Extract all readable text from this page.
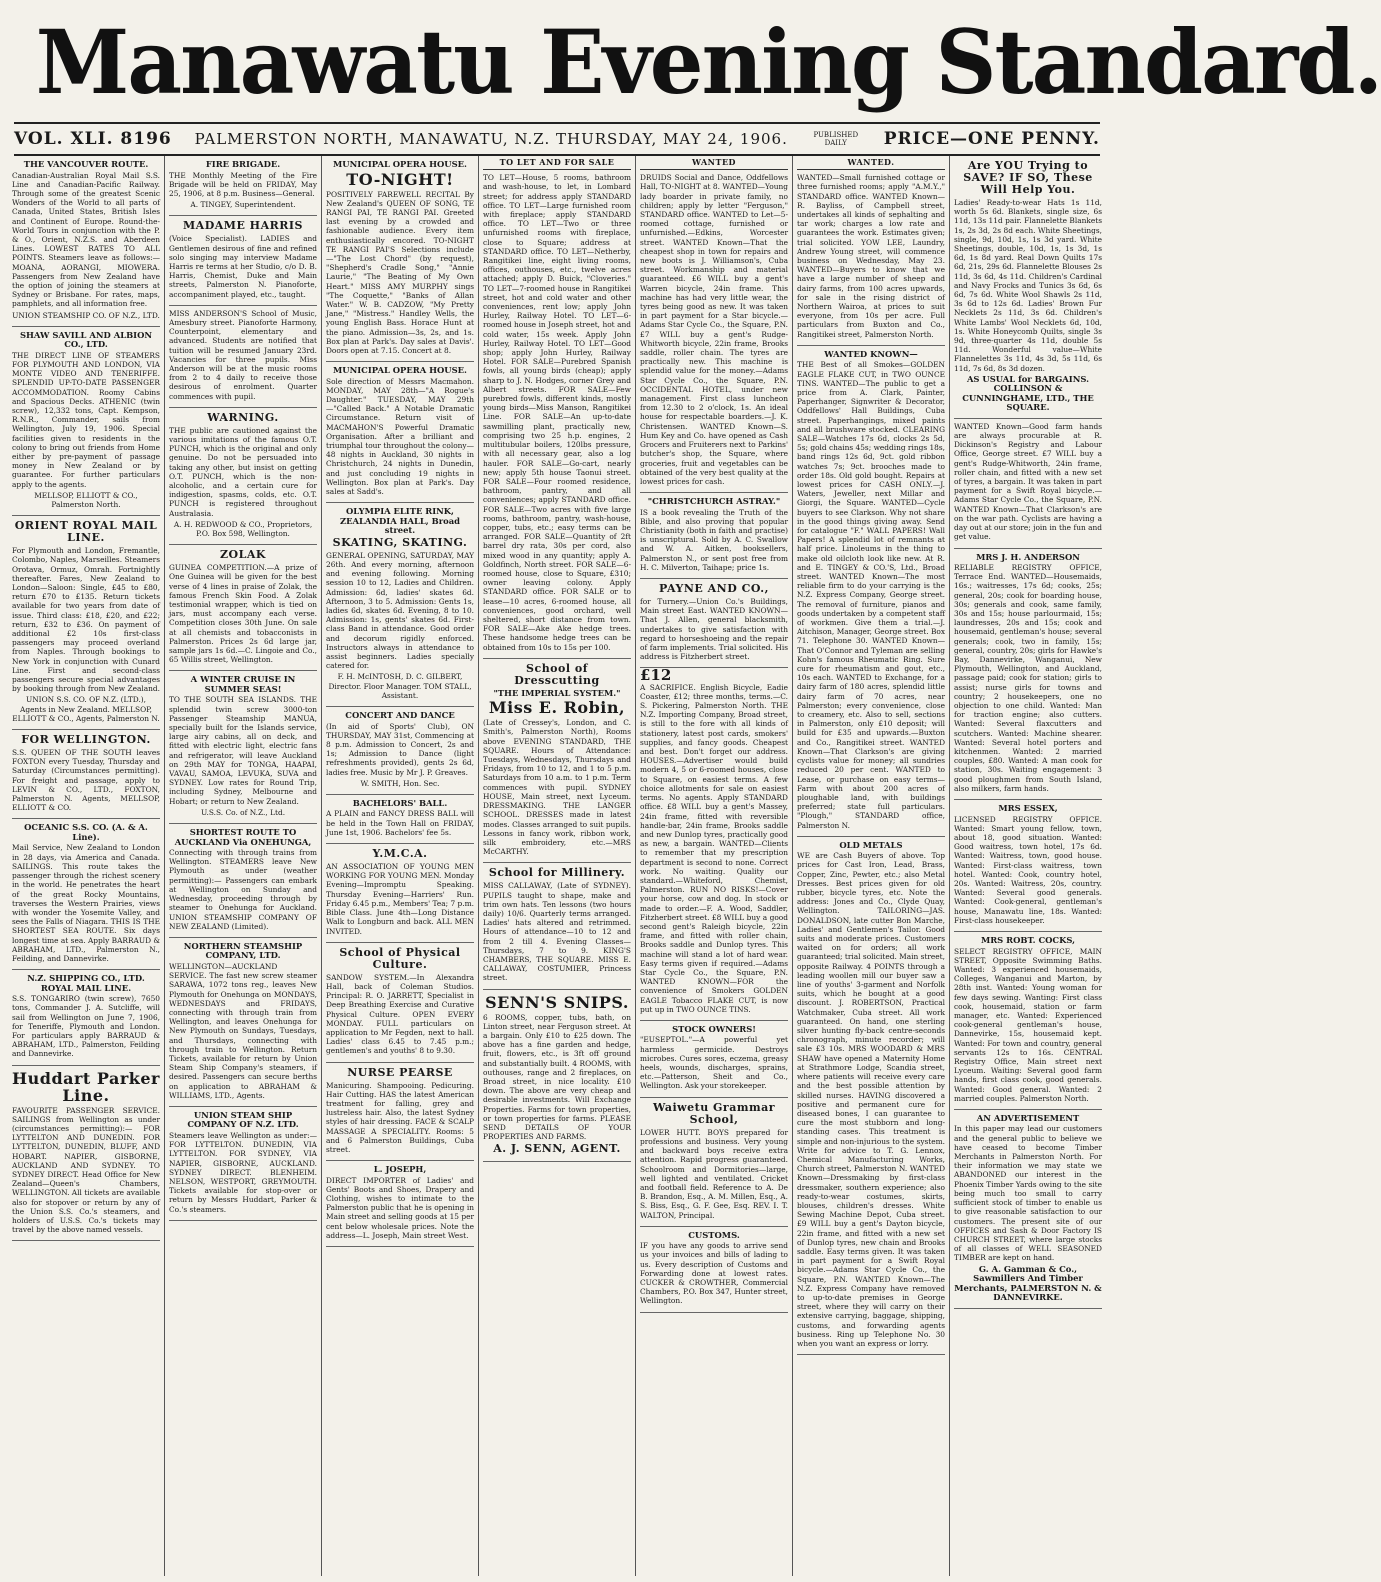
Manawatu Evening Standard.
VOL. XLI. 8196 PALMERSTON NORTH, MANAWATU, N.Z. THURSDAY, MAY 24, 1906.	PUBLISHED DAILY	PRICE—ONE PENNY.
THE VANCOUVER ROUTE.

Canadian-Australian Royal Mail S.S. Line and Canadian-Pacific Railway. Through some of the greatest Scenic Wonders of the World to all parts of Canada, United States, British Isles and Continent of Europe. Round-the-World Tours in conjunction with the P. & O., Orient, N.Z.S. and Aberdeen Lines. LOWEST RATES TO ALL POINTS. Steamers leave as follows:— MOANA, AORANGI, MIOWERA. Passengers from New Zealand have the option of joining the steamers at Sydney or Brisbane. For rates, maps, pamphlets, and all information free.

UNION STEAMSHIP CO. OF N.Z., LTD.

SHAW SAVILL AND ALBION CO., LTD.

THE DIRECT LINE OF STEAMERS FOR PLYMOUTH AND LONDON, VIA MONTE VIDEO AND TENERIFFE. SPLENDID UP-TO-DATE PASSENGER ACCOMMODATION. Roomy Cabins and Spacious Decks. ATHENIC (twin screw), 12,332 tons, Capt. Kempson, R.N.R., Commander, sails from Wellington, July 19, 1906. Special facilities given to residents in the colony to bring out friends from Home either by pre-payment of passage money in New Zealand or by guarantee. For further particulars apply to the agents.

MELLSOP, ELLIOTT & CO., Palmerston North.

ORIENT ROYAL MAIL LINE.

For Plymouth and London, Fremantle, Colombo, Naples, Marseilles. Steamers Orotava, Ormuz, Omrah. Fortnightly thereafter. Fares, New Zealand to London—Saloon: Single, £45 to £80, return £70 to £135. Return tickets available for two years from date of issue. Third class: £18, £20, and £22; return, £32 to £36. On payment of additional £2 10s first-class passengers may proceed overland from Naples. Through bookings to New York in conjunction with Cunard Line. First and second-class passengers secure special advantages by booking through from New Zealand.

UNION S.S. CO. OF N.Z. (LTD.), Agents in New Zealand. MELLSOP, ELLIOTT & CO., Agents, Palmerston N.

FOR WELLINGTON.

S.S. QUEEN OF THE SOUTH leaves FOXTON every Tuesday, Thursday and Saturday (Circumstances permitting). For freight and passage, apply to LEVIN & CO., LTD., FOXTON, Palmerston N. Agents, MELLSOP, ELLIOTT & CO.

OCEANIC S.S. CO. (A. & A. Line).

Mail Service, New Zealand to London in 28 days, via America and Canada. SAILINGS. This route takes the passenger through the richest scenery in the world. He penetrates the heart of the great Rocky Mountains, traverses the Western Prairies, views with wonder the Yosemite Valley, and sees the Falls of Niagara. THIS IS THE SHORTEST SEA ROUTE. Six days longest time at sea. Apply BARRAUD & ABRAHAM, LTD., Palmerston N., Feilding, and Dannevirke.

N.Z. SHIPPING CO., LTD. ROYAL MAIL LINE.

S.S. TONGARIRO (twin screw), 7650 tons, Commander J. A. Sutcliffe, will sail from Wellington on June 7, 1906, for Teneriffe, Plymouth and London. For particulars apply BARRAUD & ABRAHAM, LTD., Palmerston, Feilding and Dannevirke.

Huddart Parker Line.

FAVOURITE PASSENGER SERVICE. SAILINGS from Wellington as under (circumstances permitting):— FOR LYTTELTON AND DUNEDIN. FOR LYTTELTON, DUNEDIN, BLUFF, AND HOBART. NAPIER, GISBORNE, AUCKLAND AND SYDNEY. TO SYDNEY DIRECT. Head Office for New Zealand—Queen's Chambers, WELLINGTON. All tickets are available also for stopover or return by any of the Union S.S. Co.'s steamers, and holders of U.S.S. Co.'s tickets may travel by the above named vessels.

FIRE BRIGADE.

THE Monthly Meeting of the Fire Brigade will be held on FRIDAY, May 25, 1906, at 8 p.m. Business—General.

A. TINGEY, Superintendent.

MADAME HARRIS

(Voice Specialist). LADIES and Gentlemen desirous of fine and refined solo singing may interview Madame Harris re terms at her Studio, c/o D. B. Harris, Chemist, Duke and Main streets, Palmerston N. Pianoforte, accompaniment played, etc., taught.

MISS ANDERSON'S School of Music, Amesbury street. Pianoforte Harmony, Counterpoint, elementary and advanced. Students are notified that tuition will be resumed January 23rd. Vacancies for three pupils. Miss Anderson will be at the music rooms from 2 to 4 daily to receive those desirous of enrolment. Quarter commences with pupil.

WARNING.

THE public are cautioned against the various imitations of the famous O.T. PUNCH, which is the original and only genuine. Do not be persuaded into taking any other, but insist on getting O.T. PUNCH, which is the non-alcoholic, and a certain cure for indigestion, spasms, colds, etc. O.T. PUNCH is registered throughout Australasia.

A. H. REDWOOD & CO., Proprietors, P.O. Box 598, Wellington.

ZOLAK

GUINEA COMPETITION.—A prize of One Guinea will be given for the best verse of 4 lines in praise of Zolak, the famous French Skin Food. A Zolak testimonial wrapper, which is tied on jars, must accompany each verse. Competition closes 30th June. On sale at all chemists and tobacconists in Palmerston. Prices 2s 6d large jar, sample jars 1s 6d.—C. Lingoie and Co., 65 Willis street, Wellington.

A WINTER CRUISE IN SUMMER SEAS!

TO THE SOUTH SEA ISLANDS. THE splendid twin screw 3000-ton Passenger Steamship MANUA, specially built for the Islands service, large airy cabins, all on deck, and fitted with electric light, electric fans and refrigerator, will leave Auckland on 29th MAY for TONGA, HAAPAI, VAVAU, SAMOA, LEVUKA, SUVA and SYDNEY. Low rates for Round Trip, including Sydney, Melbourne and Hobart; or return to New Zealand.

U.S.S. Co. of N.Z., Ltd.

SHORTEST ROUTE TO AUCKLAND Via ONEHUNGA,

Connecting with through trains from Wellington. STEAMERS leave New Plymouth as under (weather permitting):— Passengers can embark at Wellington on Sunday and Wednesday, proceeding through by steamer to Onehunga for Auckland. UNION STEAMSHIP COMPANY OF NEW ZEALAND (Limited).

NORTHERN STEAMSHIP COMPANY, LTD.

WELLINGTON—AUCKLAND SERVICE. The fast new screw steamer SARAWA, 1072 tons reg., leaves New Plymouth for Onehunga on MONDAYS, WEDNESDAYS and FRIDAYS, connecting with through train from Wellington, and leaves Onehunga for New Plymouth on Sundays, Tuesdays, and Thursdays, connecting with through train to Wellington. Return Tickets, available for return by Union Steam Ship Company's steamers, if desired. Passengers can secure berths on application to ABRAHAM & WILLIAMS, LTD., Agents.

UNION STEAM SHIP COMPANY OF N.Z. LTD.

Steamers leave Wellington as under:— FOR LYTTELTON. DUNEDIN, VIA LYTTELTON. FOR SYDNEY, VIA NAPIER, GISBORNE, AUCKLAND. SYDNEY DIRECT. BLENHEIM. NELSON, WESTPORT, GREYMOUTH. Tickets available for stop-over or return by Messrs Huddart, Parker & Co.'s steamers.

MUNICIPAL OPERA HOUSE.
TO-NIGHT!

POSITIVELY FAREWELL RECITAL By New Zealand's QUEEN OF SONG, TE RANGI PAI, TE RANGI PAI. Greeted last evening by a crowded and fashionable audience. Every item enthusiastically encored. TO-NIGHT TE RANGI PAI'S Selections include—"The Lost Chord" (by request), "Shepherd's Cradle Song," "Annie Laurie," "The Beating of My Own Heart." MISS AMY MURPHY sings "The Coquette," "Banks of Allan Water." W. B. CADZOW, "My Pretty Jane," "Mistress." Handley Wells, the young English Bass. Horace Hunt at the piano. Admission—3s, 2s, and 1s. Box plan at Park's. Day sales at Davis'. Doors open at 7.15. Concert at 8.

MUNICIPAL OPERA HOUSE.

Sole direction of Messrs Macmahon. MONDAY, MAY 28th—"A Rogue's Daughter." TUESDAY, MAY 29th—"Called Back." A Notable Dramatic Circumstance. Return visit of MACMAHON'S Powerful Dramatic Organisation. After a brilliant and triumphal tour throughout the colony—48 nights in Auckland, 30 nights in Christchurch, 24 nights in Dunedin, and just concluding 19 nights in Wellington. Box plan at Park's. Day sales at Sadd's.

OLYMPIA ELITE RINK, ZEALANDIA HALL, Broad street.
SKATING, SKATING.

GENERAL OPENING, SATURDAY, MAY 26th. And every morning, afternoon and evening following. Morning session 10 to 12, Ladies and Children. Admission: 6d, ladies' skates 6d. Afternoon, 3 to 5. Admission: Gents 1s, ladies 6d, skates 6d. Evening, 8 to 10. Admission: 1s, gents' skates 6d. First-class Band in attendance. Good order and decorum rigidly enforced. Instructors always in attendance to assist beginners. Ladies specially catered for.

F. H. McINTOSH, D. C. GILBERT, Director. Floor Manager. TOM STALL, Assistant.

CONCERT AND DANCE

(In aid of Sports' Club), ON THURSDAY, MAY 31st, Commencing at 8 p.m. Admission to Concert, 2s and 1s; Admission to Dance (light refreshments provided), gents 2s 6d, ladies free. Music by Mr J. P. Greaves.

W. SMITH, Hon. Sec.

BACHELORS' BALL.

A PLAIN and FANCY DRESS BALL will be held in the Town Hall on FRIDAY, June 1st, 1906. Bachelors' fee 5s.

Y.M.C.A.

AN ASSOCIATION OF YOUNG MEN WORKING FOR YOUNG MEN. Monday Evening—Impromptu Speaking. Thursday Evening—Harriers' Run. Friday 6.45 p.m., Members' Tea; 7 p.m. Bible Class. June 4th—Long Distance Walk to Longburn and back. ALL MEN INVITED.

School of Physical Culture.

SANDOW SYSTEM.—In Alexandra Hall, back of Coleman Studios. Principal: R. O. JARRETT, Specialist in Deep Breathing Exercise and Curative Physical Culture. OPEN EVERY MONDAY. FULL particulars on application to Mr Fegden, next to hall. Ladies' class 6.45 to 7.45 p.m.; gentlemen's and youths' 8 to 9.30.

NURSE PEARSE

Manicuring. Shampooing. Pedicuring. Hair Cutting. HAS the latest American treatment for falling, grey and lustreless hair. Also, the latest Sydney styles of hair dressing. FACE & SCALP MASSAGE A SPECIALITY. Rooms: 5 and 6 Palmerston Buildings, Cuba street.

L. JOSEPH,

DIRECT IMPORTER of Ladies' and Gents' Boots and Shoes, Drapery and Clothing, wishes to intimate to the Palmerston public that he is opening in Main street and selling goods at 15 per cent below wholesale prices. Note the address—L. Joseph, Main street West.

TO LET AND FOR SALE

TO LET—House, 5 rooms, bathroom and wash-house, to let, in Lombard street; for address apply STANDARD office. TO LET—Large furnished room with fireplace; apply STANDARD office. TO LET—Two or three unfurnished rooms with fireplace, close to Square; address at STANDARD office. TO LET—Netherby, Rangitikei line, eight living rooms, offices, outhouses, etc., twelve acres attached; apply D. Buick, "Cloveries." TO LET—7-roomed house in Rangitikei street, hot and cold water and other conveniences, rent low; apply John Hurley, Railway Hotel. TO LET—6-roomed house in Joseph street, hot and cold water, 15s week. Apply John Hurley, Railway Hotel. TO LET—Good shop; apply John Hurley, Railway Hotel. FOR SALE—Purebred Spanish fowls, all young birds (cheap); apply sharp to J. N. Hodges, corner Grey and Albert streets. FOR SALE—Few purebred fowls, different kinds, mostly young birds—Miss Manson, Rangitikei Line. FOR SALE—An up-to-date sawmilling plant, practically new, comprising two 25 h.p. engines, 2 multitubular boilers, 120lbs pressure, with all necessary gear, also a log hauler. FOR SALE—Go-cart, nearly new; apply 5th house Taonui street. FOR SALE—Four roomed residence, bathroom, pantry, and all conveniences; apply STANDARD office. FOR SALE—Two acres with five large rooms, bathroom, pantry, wash-house, copper, tubs, etc.; easy terms can be arranged. FOR SALE—Quantity of 2ft barrel dry rata, 30s per cord, also mixed wood in any quantity; apply A. Goldfinch, North street. FOR SALE—6-roomed house, close to Square, £310; owner leaving colony. Apply STANDARD office. FOR SALE or to lease—10 acres, 6-roomed house, all conveniences, good orchard, well sheltered, short distance from town. FOR SALE—Ake Ake hedge trees. These handsome hedge trees can be obtained from 10s to 15s per 100.

School of Dresscutting
"THE IMPERIAL SYSTEM."
Miss E. Robin,

(Late of Cressey's, London, and C. Smith's, Palmerston North), Rooms above EVENING STANDARD, THE SQUARE. Hours of Attendance: Tuesdays, Wednesdays, Thursdays and Fridays, from 10 to 12, and 1 to 5 p.m. Saturdays from 10 a.m. to 1 p.m. Term commences with pupil. SYDNEY HOUSE, Main street, next Lyceum. DRESSMAKING. THE LANGER SCHOOL. DRESSES made in latest modes. Classes arranged to suit pupils. Lessons in fancy work, ribbon work, silk embroidery, etc.—MRS McCARTHY.

School for Millinery.

MISS CALLAWAY, (Late of SYDNEY). PUPILS taught to shape, make and trim own hats. Ten lessons (two hours daily) 10/6. Quarterly terms arranged. Ladies' hats altered and retrimmed. Hours of attendance—10 to 12 and from 2 till 4. Evening Classes—Thursdays, 7 to 9. KING'S CHAMBERS, THE SQUARE. MISS E. CALLAWAY, COSTUMIER, Princess street.

SENN'S SNIPS.

6 ROOMS, copper, tubs, bath, on Linton street, near Ferguson street. At a bargain. Only £10 to £25 down. The above has a fine garden and hedge, fruit, flowers, etc., is 3ft off ground and substantially built. 4 ROOMS, with outhouses, range and 2 fireplaces, on Broad street, in nice locality. £10 down. The above are very cheap and desirable investments. Will Exchange Properties. Farms for town properties, or town properties for farms. PLEASE SEND DETAILS OF YOUR PROPERTIES AND FARMS.

A. J. SENN, AGENT.
WANTED

DRUIDS Social and Dance, Oddfellows Hall, TO-NIGHT at 8. WANTED—Young lady boarder in private family, no children; apply by letter "Ferguson," STANDARD office. WANTED to Let—5-roomed cottage, furnished or unfurnished.—Edkins, Worcester street. WANTED Known—That the cheapest shop in town for repairs and new boots is J. Williamson's, Cuba street. Workmanship and material guaranteed. £6 WILL buy a gent's Warren bicycle, 24in frame. This machine has had very little wear, the tyres being good as new. It was taken in part payment for a Star bicycle.—Adams Star Cycle Co., the Square, P.N. £7 WILL buy a gent's Rudge-Whitworth bicycle, 22in frame, Brooks saddle, roller chain. The tyres are practically new. This machine is splendid value for the money.—Adams Star Cycle Co., the Square, P.N. OCCIDENTAL HOTEL, under new management. First class luncheon from 12.30 to 2 o'clock, 1s. An ideal house for respectable boarders.—J. K. Christensen. WANTED Known—S. Hum Key and Co. have opened as Cash Grocers and Fruiterers next to Parkins' butcher's shop, the Square, where groceries, fruit and vegetables can be obtained of the very best quality at the lowest prices for cash.

"CHRISTCHURCH ASTRAY."

IS a book revealing the Truth of the Bible, and also proving that popular Christianity (both in faith and practise) is unscriptural. Sold by A. C. Swallow and W. A. Aitken, booksellers, Palmerston N., or sent post free from H. C. Milverton, Taihape; price 1s.

PAYNE AND CO.,

for Turnery.—Union Co.'s Buildings, Main street East. WANTED KNOWN—That J. Allen, general blacksmith, undertakes to give satisfaction with regard to horseshoeing and the repair of farm implements. Trial solicited. His address is Fitzherbert street.

£12

A SACRIFICE. English Bicycle, Eadie Coaster, £12; three months, terms.—C. S. Pickering, Palmerston North. THE N.Z. Importing Company, Broad street, is still to the fore with all kinds of stationery, latest post cards, smokers' supplies, and fancy goods. Cheapest and best. Don't forget our address. HOUSES.—Advertiser would build modern 4, 5 or 6-roomed houses, close to Square, on easiest terms. A few choice allotments for sale on easiest terms. No agents. Apply STANDARD office. £8 WILL buy a gent's Massey, 24in frame, fitted with reversible handle-bar, 24in frame, Brooks saddle and new Dunlop tyres, practically good as new, a bargain. WANTED—Clients to remember that my prescription department is second to none. Correct work. No waiting. Quality our standard.—Whiteford, Chemist, Palmerston. RUN NO RISKS!—Cover your horse, cow and dog. In stock or made to order.—F. A. Wood, Saddler, Fitzherbert street. £8 WILL buy a good second gent's Raleigh bicycle, 22in frame, and fitted with roller chain, Brooks saddle and Dunlop tyres. This machine will stand a lot of hard wear. Easy terms given if required.—Adams Star Cycle Co., the Square, P.N. WANTED KNOWN—FOR the convenience of Smokers GOLDEN EAGLE Tobacco FLAKE CUT, is now put up in TWO OUNCE TINS.

STOCK OWNERS!

"EUSEPTOL."—A powerful yet harmless germicide. Destroys microbes. Cures sores, eczema, greasy heels, wounds, discharges, sprains, etc.—Patterson, Sheit and Co., Wellington. Ask your storekeeper.

Waiwetu Grammar School,

LOWER HUTT. BOYS prepared for professions and business. Very young and backward boys receive extra attention. Rapid progress guaranteed. Schoolroom and Dormitories—large, well lighted and ventilated. Cricket and football field. Reference to A. De B. Brandon, Esq., A. M. Millen, Esq., A. S. Biss, Esq., G. F. Gee, Esq. REV. I. T. WALTON, Principal.

CUSTOMS.

IF you have any goods to arrive send us your invoices and bills of lading to us. Every description of Customs and Forwarding done at lowest rates. CUCKER & CROWTHER, Commercial Chambers, P.O. Box 347, Hunter street, Wellington.

WANTED.

WANTED—Small furnished cottage or three furnished rooms; apply "A.M.Y.," STANDARD office. WANTED Known—R. Bayliss, of Campbell street, undertakes all kinds of sephalting and tar work; charges a low rate and guarantees the work. Estimates given; trial solicited. YOW LEE, Laundry, Andrew Young street, will commence business on Wednesday, May 23. WANTED—Buyers to know that we have a large number of sheep and dairy farms, from 100 acres upwards, for sale in the rising district of Northern Wairoa, at prices to suit everyone, from 10s per acre. Full particulars from Buxton and Co., Rangitikei street, Palmerston North.

WANTED KNOWN—

THE Best of all Smokes—GOLDEN EAGLE FLAKE CUT, in TWO OUNCE TINS. WANTED—The public to get a price from A. Clark, Painter, Paperhanger, Signwriter & Decorator, Oddfellows' Hall Buildings, Cuba street. Paperhangings, mixed paints and all brushware stocked. CLEARING SALE—Watches 17s 6d, clocks 2s 5d, 5s; gold chains 45s; wedding rings 18s, band rings 12s 6d, 9ct. gold ribbon watches 7s; 9ct. brooches made to order 18s. Old gold bought. Repairs at lowest prices for CASH ONLY.—J. Waters, Jeweller, next Millar and Giorgi, the Square. WANTED—Cycle buyers to see Clarkson. Why not share in the good things giving away. Send for catalogue "F." WALL PAPERS! Wall Papers! A splendid lot of remnants at half price. Linoleums in the thing to make old oilcloth look like new. At R. and E. TINGEY & CO.'S, Ltd., Broad street. WANTED Known—The most reliable firm to do your carrying is the N.Z. Express Company, George street. The removal of furniture, pianos and goods undertaken by a competent staff of workmen. Give them a trial.—J. Aitchison, Manager, George street. Box 71. Telephone 30. WANTED Known—That O'Connor and Tyleman are selling Kohn's famous Rheumatic Ring. Sure cure for rheumatism and gout, etc., 10s each. WANTED to Exchange, for a dairy farm of 180 acres, splendid little dairy farm of 70 acres, near Palmerston; every convenience, close to creamery, etc. Also to sell, sections in Palmerston, only £10 deposit; will build for £35 and upwards.—Buxton and Co., Rangitikei street. WANTED Known—That Clarkson's are giving cyclists value for money; all sundries reduced 20 per cent. WANTED to Lease, or purchase on easy terms—Farm with about 200 acres of ploughable land, with buildings preferred; state full particulars. "Plough," STANDARD office, Palmerston N.

OLD METALS

WE are Cash Buyers of above. Top prices for Cast Iron, Lead, Brass, Copper, Zinc, Pewter, etc.; also Metal Dresses. Best prices given for old rubber, bicycle tyres, etc. Note the address: Jones and Co., Clyde Quay, Wellington. TAILORING—JAS. DONALDSON, late cutter Bon Marche, Ladies' and Gentlemen's Tailor. Good suits and moderate prices. Customers waited on for orders; all work guaranteed; trial solicited. Main street, opposite Railway. 4 POINTS through a leading woollen mill our buyer saw a line of youths' 3-garment and Norfolk suits, which he bought at a good discount. J. ROBERTSON, Practical Watchmaker, Cuba street. All work guaranteed. On hand, one sterling silver hunting fly-back centre-seconds chronograph, minute recorder; will sale £3 10s. MRS WOODARD & MRS SHAW have opened a Maternity Home at Strathmore Lodge, Scandia street, where patients will receive every care and the best possible attention by skilled nurses. HAVING discovered a positive and permanent cure for diseased bones, I can guarantee to cure the most stubborn and long-standing cases. This treatment is simple and non-injurious to the system. Write for advice to T. G. Lennox, Chemical Manufacturing Works, Church street, Palmerston N. WANTED Known—Dressmaking by first-class dressmaker, southern experience; also ready-to-wear costumes, skirts, blouses, children's dresses. White Sewing Machine Depot, Cuba street. £9 WILL buy a gent's Dayton bicycle, 22in frame, and fitted with a new set of Dunlop tyres, new chain and Brooks saddle. Easy terms given. It was taken in part payment for a Swift Royal bicycle.—Adams Star Cycle Co., the Square, P.N. WANTED Known—The N.Z. Express Company have removed to up-to-date premises in George street, where they will carry on their extensive carrying, baggage, shipping, customs, and forwarding agents business. Ring up Telephone No. 30 when you want an express or lorry.

Are YOU Trying to SAVE? IF SO, These Will Help You.

Ladies' Ready-to-wear Hats 1s 11d, worth 5s 6d. Blankets, single size, 6s 11d, 13s 11d pair. Flannelette Blankets 1s, 2s 3d, 2s 8d each. White Sheetings, single, 9d, 10d, 1s, 1s 3d yard. White Sheetings, double, 10d, 1s, 1s 3d, 1s 6d, 1s 8d yard. Real Down Quilts 17s 6d, 21s, 29s 6d. Flannelette Blouses 2s 11d, 3s 6d, 4s 11d. Children's Cardinal and Navy Frocks and Tunics 3s 6d, 6s 6d, 7s 6d. White Wool Shawls 2s 11d, 3s 6d to 12s 6d. Ladies' Brown Fur Necklets 2s 11d, 3s 6d. Children's White Lambs' Wool Necklets 6d, 10d, 1s. White Honeycomb Quilts, single 3s 9d, three-quarter 4s 11d, double 5s 11d. Wonderful value—White Flannelettes 3s 11d, 4s 3d, 5s 11d, 6s 11d, 7s 6d, 8s 3d dozen.

AS USUAL for BARGAINS. COLLINSON & CUNNINGHAME, LTD., THE SQUARE.

WANTED Known—Good farm hands are always procurable at R. Dickinson's Registry and Labour Office, George street. £7 WILL buy a gent's Rudge-Whitworth, 24in frame, roller chain, and fitted with a new set of tyres, a bargain. It was taken in part payment for a Swift Royal bicycle.—Adams Star Cycle Co., the Square, P.N. WANTED Known—That Clarkson's are on the war path. Cyclists are having a day out at our store; join in the fun and get value.

MRS J. H. ANDERSON

RELIABLE REGISTRY OFFICE, Terrace End. WANTED—Housemaids, 16s.; waitresses, 17s 6d; cooks, 25s; general, 20s; cook for boarding house, 30s; generals and cook, same family, 30s and 15s; house parlourmaid, 15s; laundresses, 20s and 15s; cook and housemaid, gentleman's house; several generals; cook, two in family, 15s; general, country, 20s; girls for Hawke's Bay, Dannevirke, Wanganui, New Plymouth, Wellington, and Auckland, passage paid; cook for station; girls to assist; nurse girls for towns and country; 2 housekeepers, one no objection to one child. Wanted: Man for traction engine; also cutters. Wanted: Several flaxcutters and scutchers. Wanted: Machine shearer. Wanted: Several hotel porters and kitchenmen. Wanted: 2 married couples, £80. Wanted: A man cook for station, 30s. Waiting engagement: 3 good ploughmen from South Island, also milkers, farm hands.

MRS ESSEX,

LICENSED REGISTRY OFFICE. Wanted: Smart young fellow, town, about 18, good situation. Wanted: Good waitress, town hotel, 17s 6d. Wanted: Waitress, town, good house. Wanted: First-class waitress, town hotel. Wanted: Cook, country hotel, 20s. Wanted: Waitress, 20s, country. Wanted: Several good generals. Wanted: Cook-general, gentleman's house, Manawatu line, 18s. Wanted: First-class housekeeper.

MRS ROBT. COCKS,

SELECT REGISTRY OFFICE, MAIN STREET, Opposite Swimming Baths. Wanted: 3 experienced housemaids, Colleges, Wanganui and Marton, by 28th inst. Wanted: Young woman for few days sewing. Wanting: First class cook, housemaid, station or farm manager, etc. Wanted: Experienced cook-general gentleman's house, Dannevirke, 15s, housemaid kept. Wanted: For town and country, general servants 12s to 16s. CENTRAL Registry Office, Main street next Lyceum. Waiting: Several good farm hands, first class cook, good generals. Wanted: Good general. Wanted: 2 married couples. Palmerston North.

AN ADVERTISEMENT

In this paper may lead our customers and the general public to believe we have ceased to become Timber Merchants in Palmerston North. For their information we may state we ABANDONED our interest in the Phoenix Timber Yards owing to the site being much too small to carry sufficient stock of timber to enable us to give reasonable satisfaction to our customers. The present site of our OFFICES and Sash & Door Factory IS CHURCH STREET, where large stocks of all classes of WELL SEASONED TIMBER are kept on hand.

G. A. Gamman & Co., Sawmillers And Timber Merchants, PALMERSTON N. & DANNEVIRKE.
